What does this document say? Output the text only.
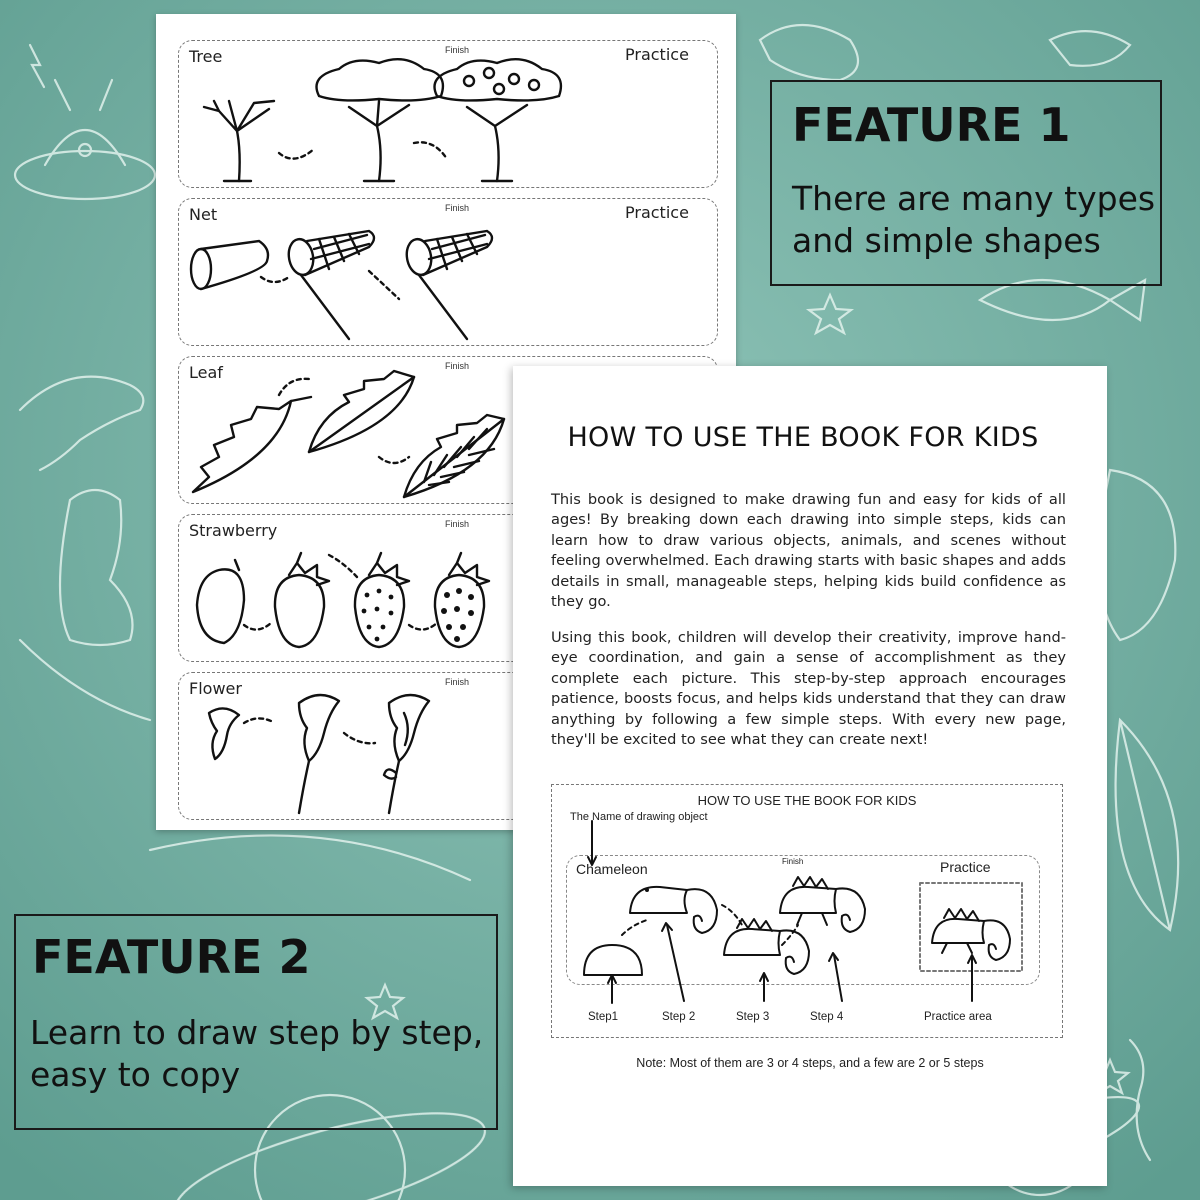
Tree	Finish	Practice
Net	Finish	Practice
Leaf	Finish
Strawberry	Finish
Flower	Finish
FEATURE 1
There are many types and simple shapes
HOW TO USE THE BOOK FOR KIDS
This book is designed to make drawing fun and easy for kids of all ages! By breaking down each drawing into simple steps, kids can learn how to draw various objects, animals, and scenes without feeling overwhelmed. Each drawing starts with basic shapes and adds details in small, manageable steps, helping kids build confidence as they go.
Using this book, children will develop their creativity, improve hand-eye coordination, and gain a sense of accomplishment as they complete each picture. This step-by-step approach encourages patience, boosts focus, and helps kids understand that they can draw anything by following a few simple steps. With every new page, they'll be excited to see what they can create next!
HOW TO USE THE BOOK FOR KIDS
The Name of drawing object
Chameleon	Finish	Practice
Step1	Step 2	Step 3	Step 4	Practice area
Note: Most of them are 3 or 4 steps, and a few are 2 or 5 steps
FEATURE 2
Learn to draw step by step, easy to copy
